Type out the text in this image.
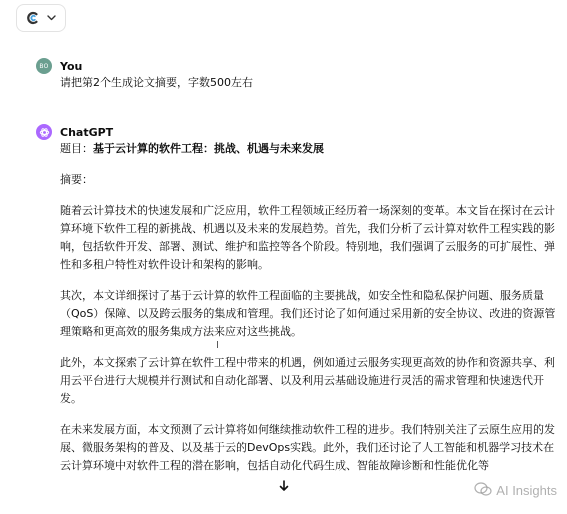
BO You
请把第2个生成论文摘要，字数500左右
ChatGPT

题目：基于云计算的软件工程：挑战、机遇与未来发展

摘要：

随着云计算技术的快速发展和广泛应用，软件工程领域正经历着一场深刻的变革。本文旨在探讨在云计算环境下软件工程的新挑战、机遇以及未来的发展趋势。首先，我们分析了云计算对软件工程实践的影响，包括软件开发、部署、测试、维护和监控等各个阶段。特别地，我们强调了云服务的可扩展性、弹性和多租户特性对软件设计和架构的影响。

其次，本文详细探讨了基于云计算的软件工程面临的主要挑战，如安全性和隐私保护问题、服务质量（QoS）保障、以及跨云服务的集成和管理。我们还讨论了如何通过采用新的安全协议、改进的资源管理策略和更高效的服务集成方法来应对这些挑战。

此外，本文探索了云计算在软件工程中带来的机遇，例如通过云服务实现更高效的协作和资源共享、利用云平台进行大规模并行测试和自动化部署、以及利用云基础设施进行灵活的需求管理和快速迭代开发。

在未来发展方面，本文预测了云计算将如何继续推动软件工程的进步。我们特别关注了云原生应用的发展、微服务架构的普及、以及基于云的DevOps实践。此外，我们还讨论了人工智能和机器学习技术在云计算环境中对软件工程的潜在影响，包括自动化代码生成、智能故障诊断和性能优化等

I
AI Insights
